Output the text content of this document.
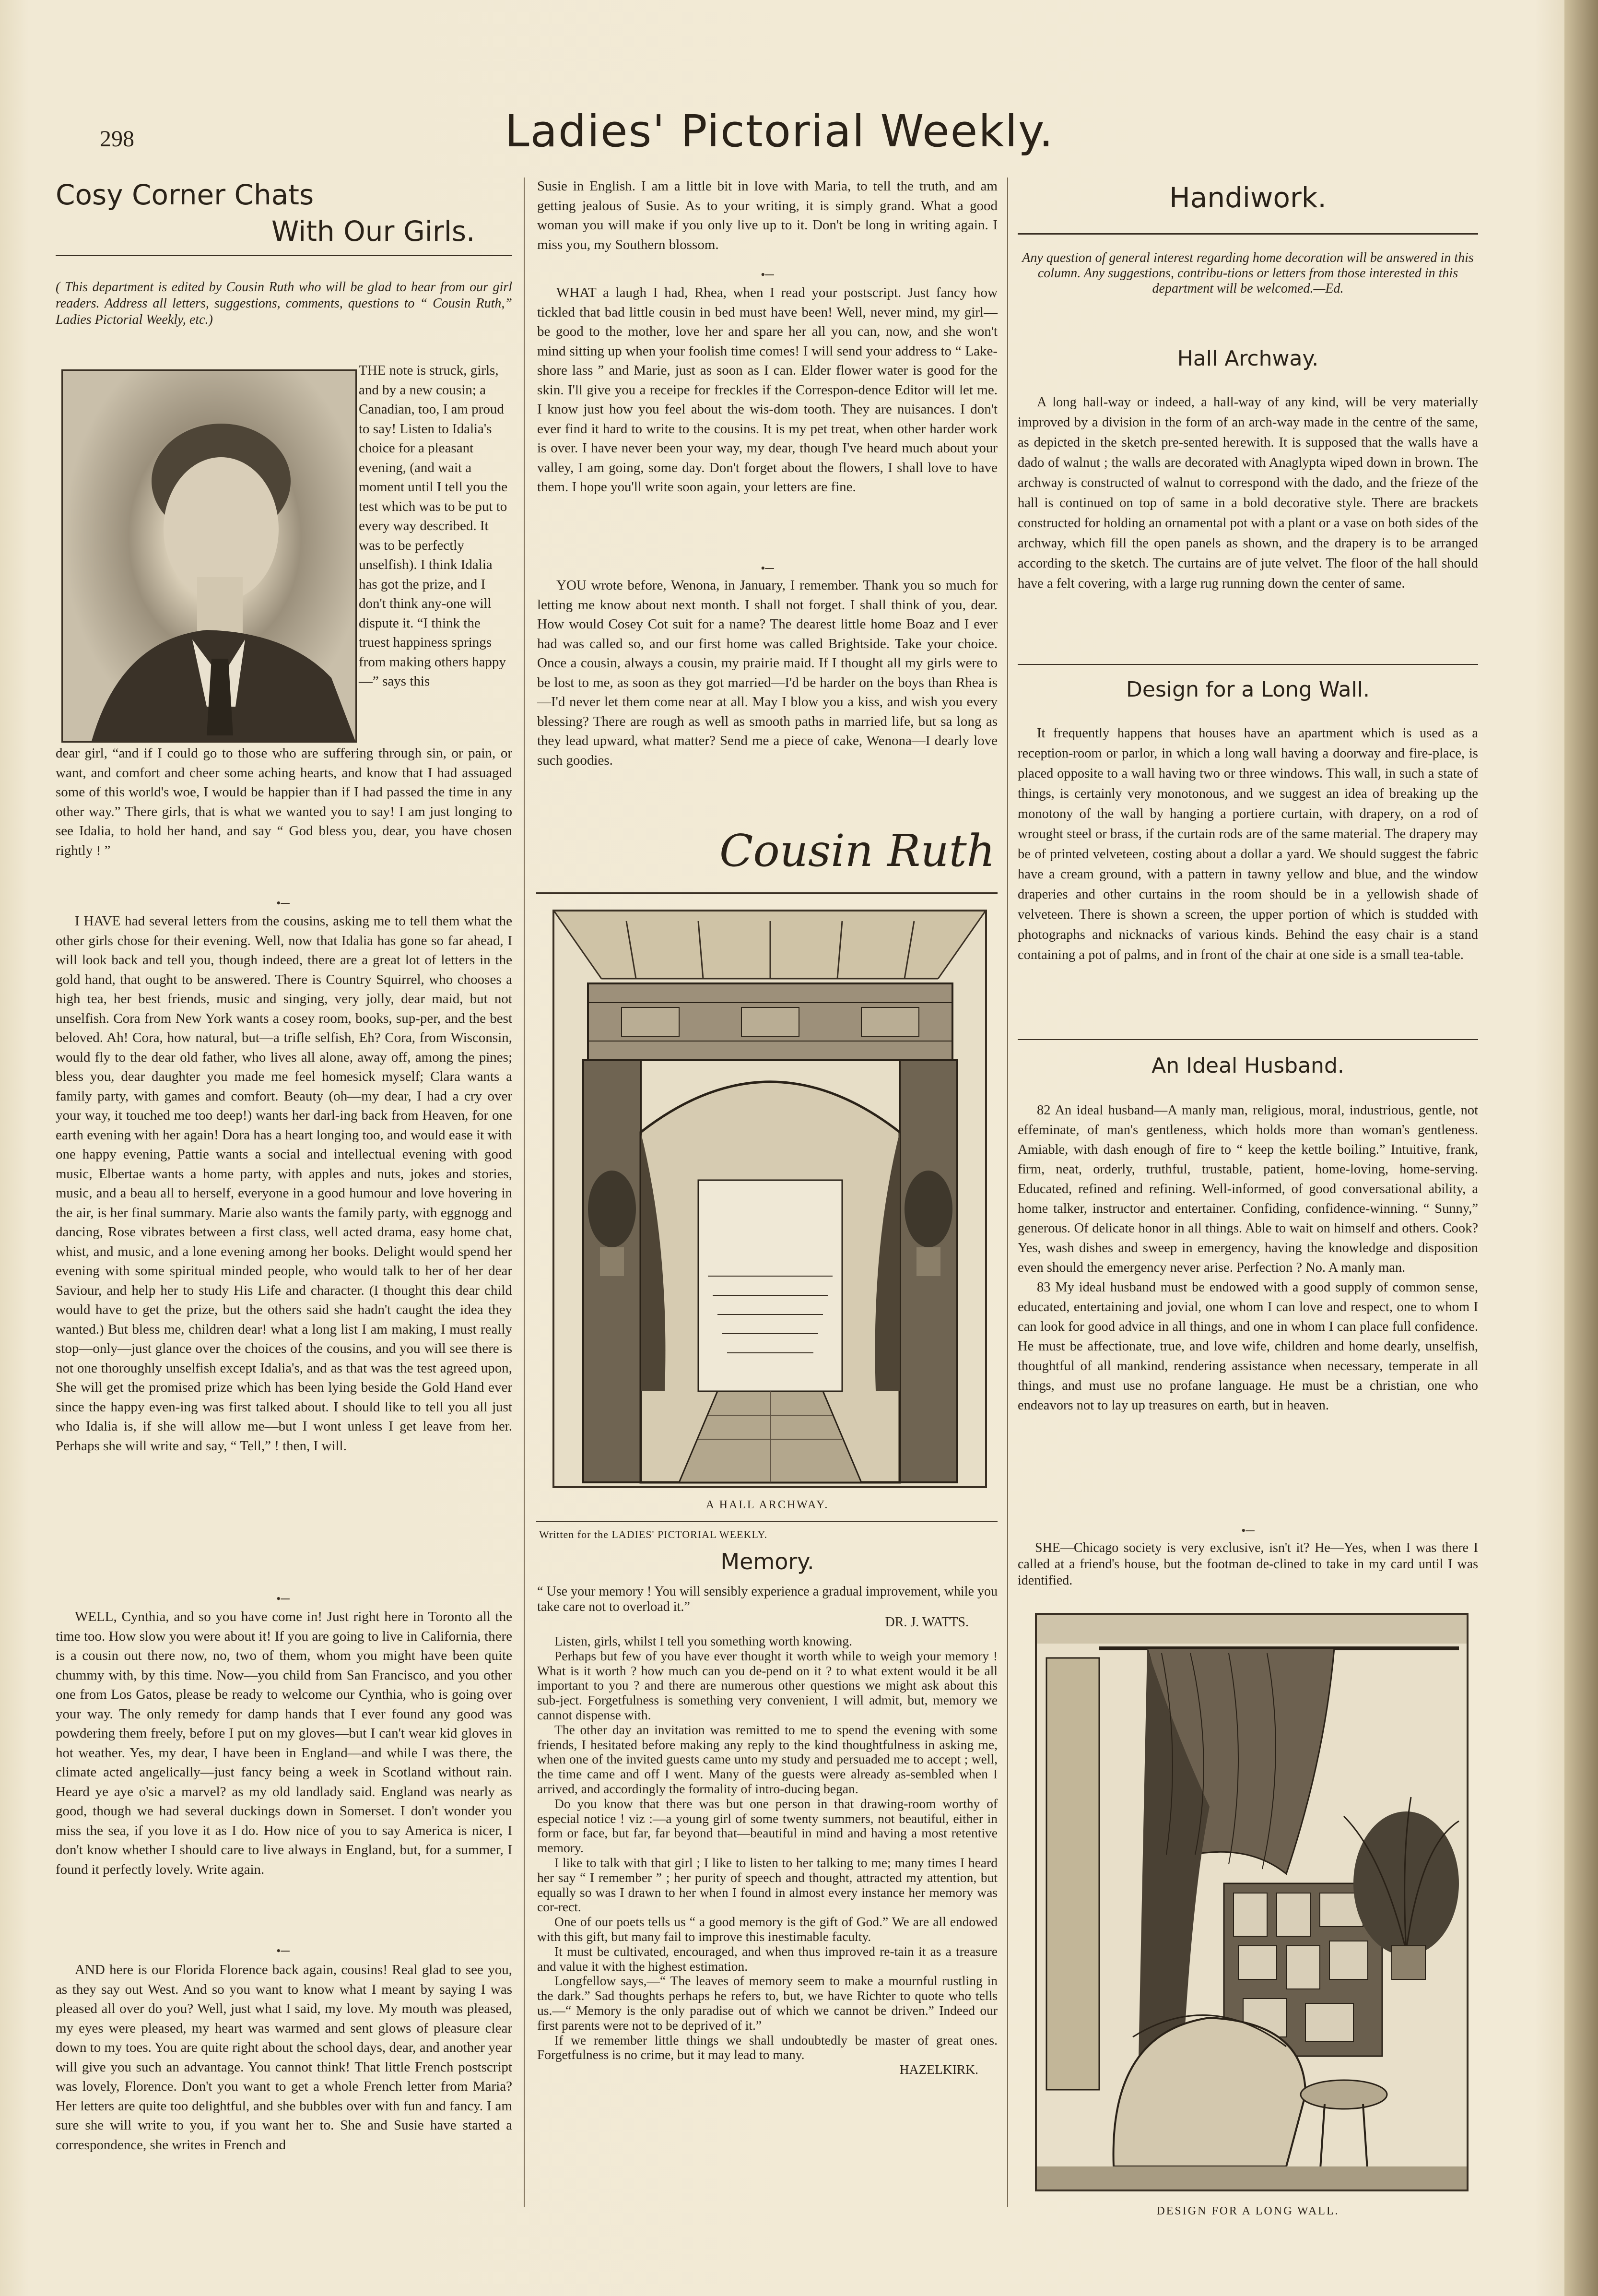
298	Ladies' Pictorial Weekly.
Cosy Corner Chats
With Our Girls.
( This department is edited by Cousin Ruth who will be glad to hear from our girl readers. Address all letters, suggestions, comments, questions to “ Cousin Ruth,” Ladies Pictorial Weekly, etc.)
THE note is struck, girls, and by a new cousin; a Canadian, too, I am proud to say! Listen to Idalia's choice for a pleasant evening, (and wait a moment until I tell you the test which was to be put to every way described. It was to be perfectly unselfish). I think Idalia has got the prize, and I don't think any-one will dispute it. “I think the truest happiness springs from making others happy—” says this

dear girl, “and if I could go to those who are suffering through sin, or pain, or want, and comfort and cheer some aching hearts, and know that I had assuaged some of this world's woe, I would be happier than if I had passed the time in any other way.” There girls, that is what we wanted you to say! I am just longing to see Idalia, to hold her hand, and say “ God bless you, dear, you have chosen rightly ! ”

•─

I HAVE had several letters from the cousins, asking me to tell them what the other girls chose for their evening. Well, now that Idalia has gone so far ahead, I will look back and tell you, though indeed, there are a great lot of letters in the gold hand, that ought to be answered. There is Country Squirrel, who chooses a high tea, her best friends, music and singing, very jolly, dear maid, but not unselfish. Cora from New York wants a cosey room, books, sup-per, and the best beloved. Ah! Cora, how natural, but—a trifle selfish, Eh? Cora, from Wisconsin, would fly to the dear old father, who lives all alone, away off, among the pines; bless you, dear daughter you made me feel homesick myself; Clara wants a family party, with games and comfort. Beauty (oh—my dear, I had a cry over your way, it touched me too deep!) wants her darl-ing back from Heaven, for one earth evening with her again! Dora has a heart longing too, and would ease it with one happy evening, Pattie wants a social and intellectual evening with good music, Elbertae wants a home party, with apples and nuts, jokes and stories, music, and a beau all to herself, everyone in a good humour and love hovering in the air, is her final summary. Marie also wants the family party, with eggnogg and dancing, Rose vibrates between a first class, well acted drama, easy home chat, whist, and music, and a lone evening among her books. Delight would spend her evening with some spiritual minded people, who would talk to her of her dear Saviour, and help her to study His Life and character. (I thought this dear child would have to get the prize, but the others said she hadn't caught the idea they wanted.) But bless me, children dear! what a long list I am making, I must really stop—only—just glance over the choices of the cousins, and you will see there is not one thoroughly unselfish except Idalia's, and as that was the test agreed upon, She will get the promised prize which has been lying beside the Gold Hand ever since the happy even-ing was first talked about. I should like to tell you all just who Idalia is, if she will allow me—but I wont unless I get leave from her. Perhaps she will write and say, “ Tell,” ! then, I will.

•─

WELL, Cynthia, and so you have come in! Just right here in Toronto all the time too. How slow you were about it! If you are going to live in California, there is a cousin out there now, no, two of them, whom you might have been quite chummy with, by this time. Now—you child from San Francisco, and you other one from Los Gatos, please be ready to welcome our Cynthia, who is going over your way. The only remedy for damp hands that I ever found any good was powdering them freely, before I put on my gloves—but I can't wear kid gloves in hot weather. Yes, my dear, I have been in England—and while I was there, the climate acted angelically—just fancy being a week in Scotland without rain. Heard ye aye o'sic a marvel? as my old landlady said. England was nearly as good, though we had several duckings down in Somerset. I don't wonder you miss the sea, if you love it as I do. How nice of you to say America is nicer, I don't know whether I should care to live always in England, but, for a summer, I found it perfectly lovely. Write again.

•─

AND here is our Florida Florence back again, cousins! Real glad to see you, as they say out West. And so you want to know what I meant by saying I was pleased all over do you? Well, just what I said, my love. My mouth was pleased, my eyes were pleased, my heart was warmed and sent glows of pleasure clear down to my toes. You are quite right about the school days, dear, and another year will give you such an advantage. You cannot think! That little French postscript was lovely, Florence. Don't you want to get a whole French letter from Maria? Her letters are quite too delightful, and she bubbles over with fun and fancy. I am sure she will write to you, if you want her to. She and Susie have started a correspondence, she writes in French and

Susie in English. I am a little bit in love with Maria, to tell the truth, and am getting jealous of Susie. As to your writing, it is simply grand. What a good woman you will make if you only live up to it. Don't be long in writing again. I miss you, my Southern blossom.

•─

WHAT a laugh I had, Rhea, when I read your postscript. Just fancy how tickled that bad little cousin in bed must have been! Well, never mind, my girl—be good to the mother, love her and spare her all you can, now, and she won't mind sitting up when your foolish time comes! I will send your address to “ Lake-shore lass ” and Marie, just as soon as I can. Elder flower water is good for the skin. I'll give you a receipe for freckles if the Correspon-dence Editor will let me. I know just how you feel about the wis-dom tooth. They are nuisances. I don't ever find it hard to write to the cousins. It is my pet treat, when other harder work is over. I have never been your way, my dear, though I've heard much about your valley, I am going, some day. Don't forget about the flowers, I shall love to have them. I hope you'll write soon again, your letters are fine.

•─

YOU wrote before, Wenona, in January, I remember. Thank you so much for letting me know about next month. I shall not forget. I shall think of you, dear. How would Cosey Cot suit for a name? The dearest little home Boaz and I ever had was called so, and our first home was called Brightside. Take your choice. Once a cousin, always a cousin, my prairie maid. If I thought all my girls were to be lost to me, as soon as they got married—I'd be harder on the boys than Rhea is—I'd never let them come near at all. May I blow you a kiss, and wish you every blessing? There are rough as well as smooth paths in married life, but sa long as they lead upward, what matter? Send me a piece of cake, Wenona—I dearly love such goodies.

Cousin Ruth
A HALL ARCHWAY.
Written for the LADIES' PICTORIAL WEEKLY.
Memory.
“ Use your memory ! You will sensibly experience a gradual improvement, while you take care not to overload it.”
DR. J. WATTS.

Listen, girls, whilst I tell you something worth knowing.

Perhaps but few of you have ever thought it worth while to weigh your memory ! What is it worth ? how much can you de-pend on it ? to what extent would it be all important to you ? and there are numerous other questions we might ask about this sub-ject. Forgetfulness is something very convenient, I will admit, but, memory we cannot dispense with.

The other day an invitation was remitted to me to spend the evening with some friends, I hesitated before making any reply to the kind thoughtfulness in asking me, when one of the invited guests came unto my study and persuaded me to accept ; well, the time came and off I went. Many of the guests were already as-sembled when I arrived, and accordingly the formality of intro-ducing began.

Do you know that there was but one person in that drawing-room worthy of especial notice ! viz :—a young girl of some twenty summers, not beautiful, either in form or face, but far, far beyond that—beautiful in mind and having a most retentive memory.

I like to talk with that girl ; I like to listen to her talking to me; many times I heard her say “ I remember ” ; her purity of speech and thought, attracted my attention, but equally so was I drawn to her when I found in almost every instance her memory was cor-rect.

One of our poets tells us “ a good memory is the gift of God.” We are all endowed with this gift, but many fail to improve this inestimable faculty.

It must be cultivated, encouraged, and when thus improved re-tain it as a treasure and value it with the highest estimation.

Longfellow says,—“ The leaves of memory seem to make a mournful rustling in the dark.” Sad thoughts perhaps he refers to, but, we have Richter to quote who tells us.—“ Memory is the only paradise out of which we cannot be driven.” Indeed our first parents were not to be deprived of it.”

If we remember little things we shall undoubtedly be master of great ones. Forgetfulness is no crime, but it may lead to many.

HAZELKIRK.
Handiwork.
Any question of general interest regarding home decoration will be answered in this column. Any suggestions, contribu-tions or letters from those interested in this department will be welcomed.—Ed.
Hall Archway.

A long hall-way or indeed, a hall-way of any kind, will be very materially improved by a division in the form of an arch-way made in the centre of the same, as depicted in the sketch pre-sented herewith. It is supposed that the walls have a dado of walnut ; the walls are decorated with Anaglypta wiped down in brown. The archway is constructed of walnut to correspond with the dado, and the frieze of the hall is continued on top of same in a bold decorative style. There are brackets constructed for holding an ornamental pot with a plant or a vase on both sides of the archway, which fill the open panels as shown, and the drapery is to be arranged according to the sketch. The curtains are of jute velvet. The floor of the hall should have a felt covering, with a large rug running down the center of same.

Design for a Long Wall.

It frequently happens that houses have an apartment which is used as a reception-room or parlor, in which a long wall having a doorway and fire-place, is placed opposite to a wall having two or three windows. This wall, in such a state of things, is certainly very monotonous, and we suggest an idea of breaking up the monotony of the wall by hanging a portiere curtain, with drapery, on a rod of wrought steel or brass, if the curtain rods are of the same material. The drapery may be of printed velveteen, costing about a dollar a yard. We should suggest the fabric have a cream ground, with a pattern in tawny yellow and blue, and the window draperies and other curtains in the room should be in a yellowish shade of velveteen. There is shown a screen, the upper portion of which is studded with photographs and nicknacks of various kinds. Behind the easy chair is a stand containing a pot of palms, and in front of the chair at one side is a small tea-table.

An Ideal Husband.

82 An ideal husband—A manly man, religious, moral, industrious, gentle, not effeminate, of man's gentleness, which holds more than woman's gentleness. Amiable, with dash enough of fire to “ keep the kettle boiling.” Intuitive, frank, firm, neat, orderly, truthful, trustable, patient, home-loving, home-serving. Educated, refined and refining. Well-informed, of good conversational ability, a home talker, instructor and entertainer. Confiding, confidence-winning. “ Sunny,” generous. Of delicate honor in all things. Able to wait on himself and others. Cook? Yes, wash dishes and sweep in emergency, having the knowledge and disposition even should the emergency never arise. Perfection ? No. A manly man.

83 My ideal husband must be endowed with a good supply of common sense, educated, entertaining and jovial, one whom I can love and respect, one to whom I can look for good advice in all things, and one in whom I can place full confidence. He must be affectionate, true, and love wife, children and home dearly, unselfish, thoughtful of all mankind, rendering assistance when necessary, temperate in all things, and must use no profane language. He must be a christian, one who endeavors not to lay up treasures on earth, but in heaven.

•─
SHE—Chicago society is very exclusive, isn't it? He—Yes, when I was there I called at a friend's house, but the footman de-clined to take in my card until I was identified.
DESIGN FOR A LONG WALL.
